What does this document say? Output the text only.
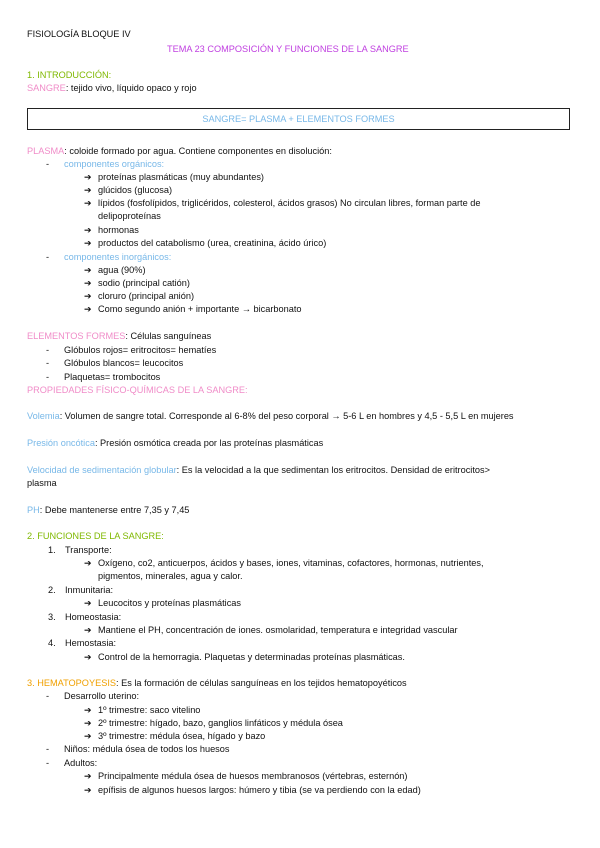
FISIOLOGÍA BLOQUE IV
TEMA 23 COMPOSICIÓN Y FUNCIONES DE LA SANGRE
1. INTRODUCCIÓN:
SANGRE: tejido vivo, líquido opaco y rojo
SANGRE= PLASMA + ELEMENTOS FORMES
PLASMA: coloide formado por agua. Contiene componentes en disolución:
- componentes orgánicos:
➔ proteínas plasmáticas (muy abundantes)
➔ glúcidos (glucosa)
➔ lípidos (fosfolípidos, triglicéridos, colesterol, ácidos grasos) No circulan libres, forman parte de
delipoproteínas
➔ hormonas
➔ productos del catabolismo (urea, creatinina, ácido úrico)
- componentes inorgánicos:
➔ agua (90%)
➔ sodio (principal catión)
➔ cloruro (principal anión)
➔ Como segundo anión + importante → bicarbonato
ELEMENTOS FORMES: Células sanguíneas
- Glóbulos rojos= eritrocitos= hematíes
- Glóbulos blancos= leucocitos
- Plaquetas= trombocitos
PROPIEDADES FÍSICO-QUÍMICAS DE LA SANGRE:
Volemia: Volumen de sangre total. Corresponde al 6-8% del peso corporal → 5-6 L en hombres y 4,5 - 5,5 L en mujeres
Presión oncótica: Presión osmótica creada por las proteínas plasmáticas
Velocidad de sedimentación globular: Es la velocidad a la que sedimentan los eritrocitos. Densidad de eritrocitos>
plasma
PH: Debe mantenerse entre 7,35 y 7,45
2. FUNCIONES DE LA SANGRE:
1. Transporte:
➔ Oxígeno, co2, anticuerpos, ácidos y bases, iones, vitaminas, cofactores, hormonas, nutrientes,
pigmentos, minerales, agua y calor.
2. Inmunitaria:
➔ Leucocitos y proteínas plasmáticas
3. Homeostasia:
➔ Mantiene el PH, concentración de iones. osmolaridad, temperatura e integridad vascular
4. Hemostasia:
➔ Control de la hemorragia. Plaquetas y determinadas proteínas plasmáticas.
3. HEMATOPOYESIS: Es la formación de células sanguíneas en los tejidos hematopoyéticos
- Desarrollo uterino:
➔ 1º trimestre: saco vitelino
➔ 2º trimestre: hígado, bazo, ganglios linfáticos y médula ósea
➔ 3º trimestre: médula ósea, hígado y bazo
- Niños: médula ósea de todos los huesos
- Adultos:
➔ Principalmente médula ósea de huesos membranosos (vértebras, esternón)
➔ epífisis de algunos huesos largos: húmero y tibia (se va perdiendo con la edad)
